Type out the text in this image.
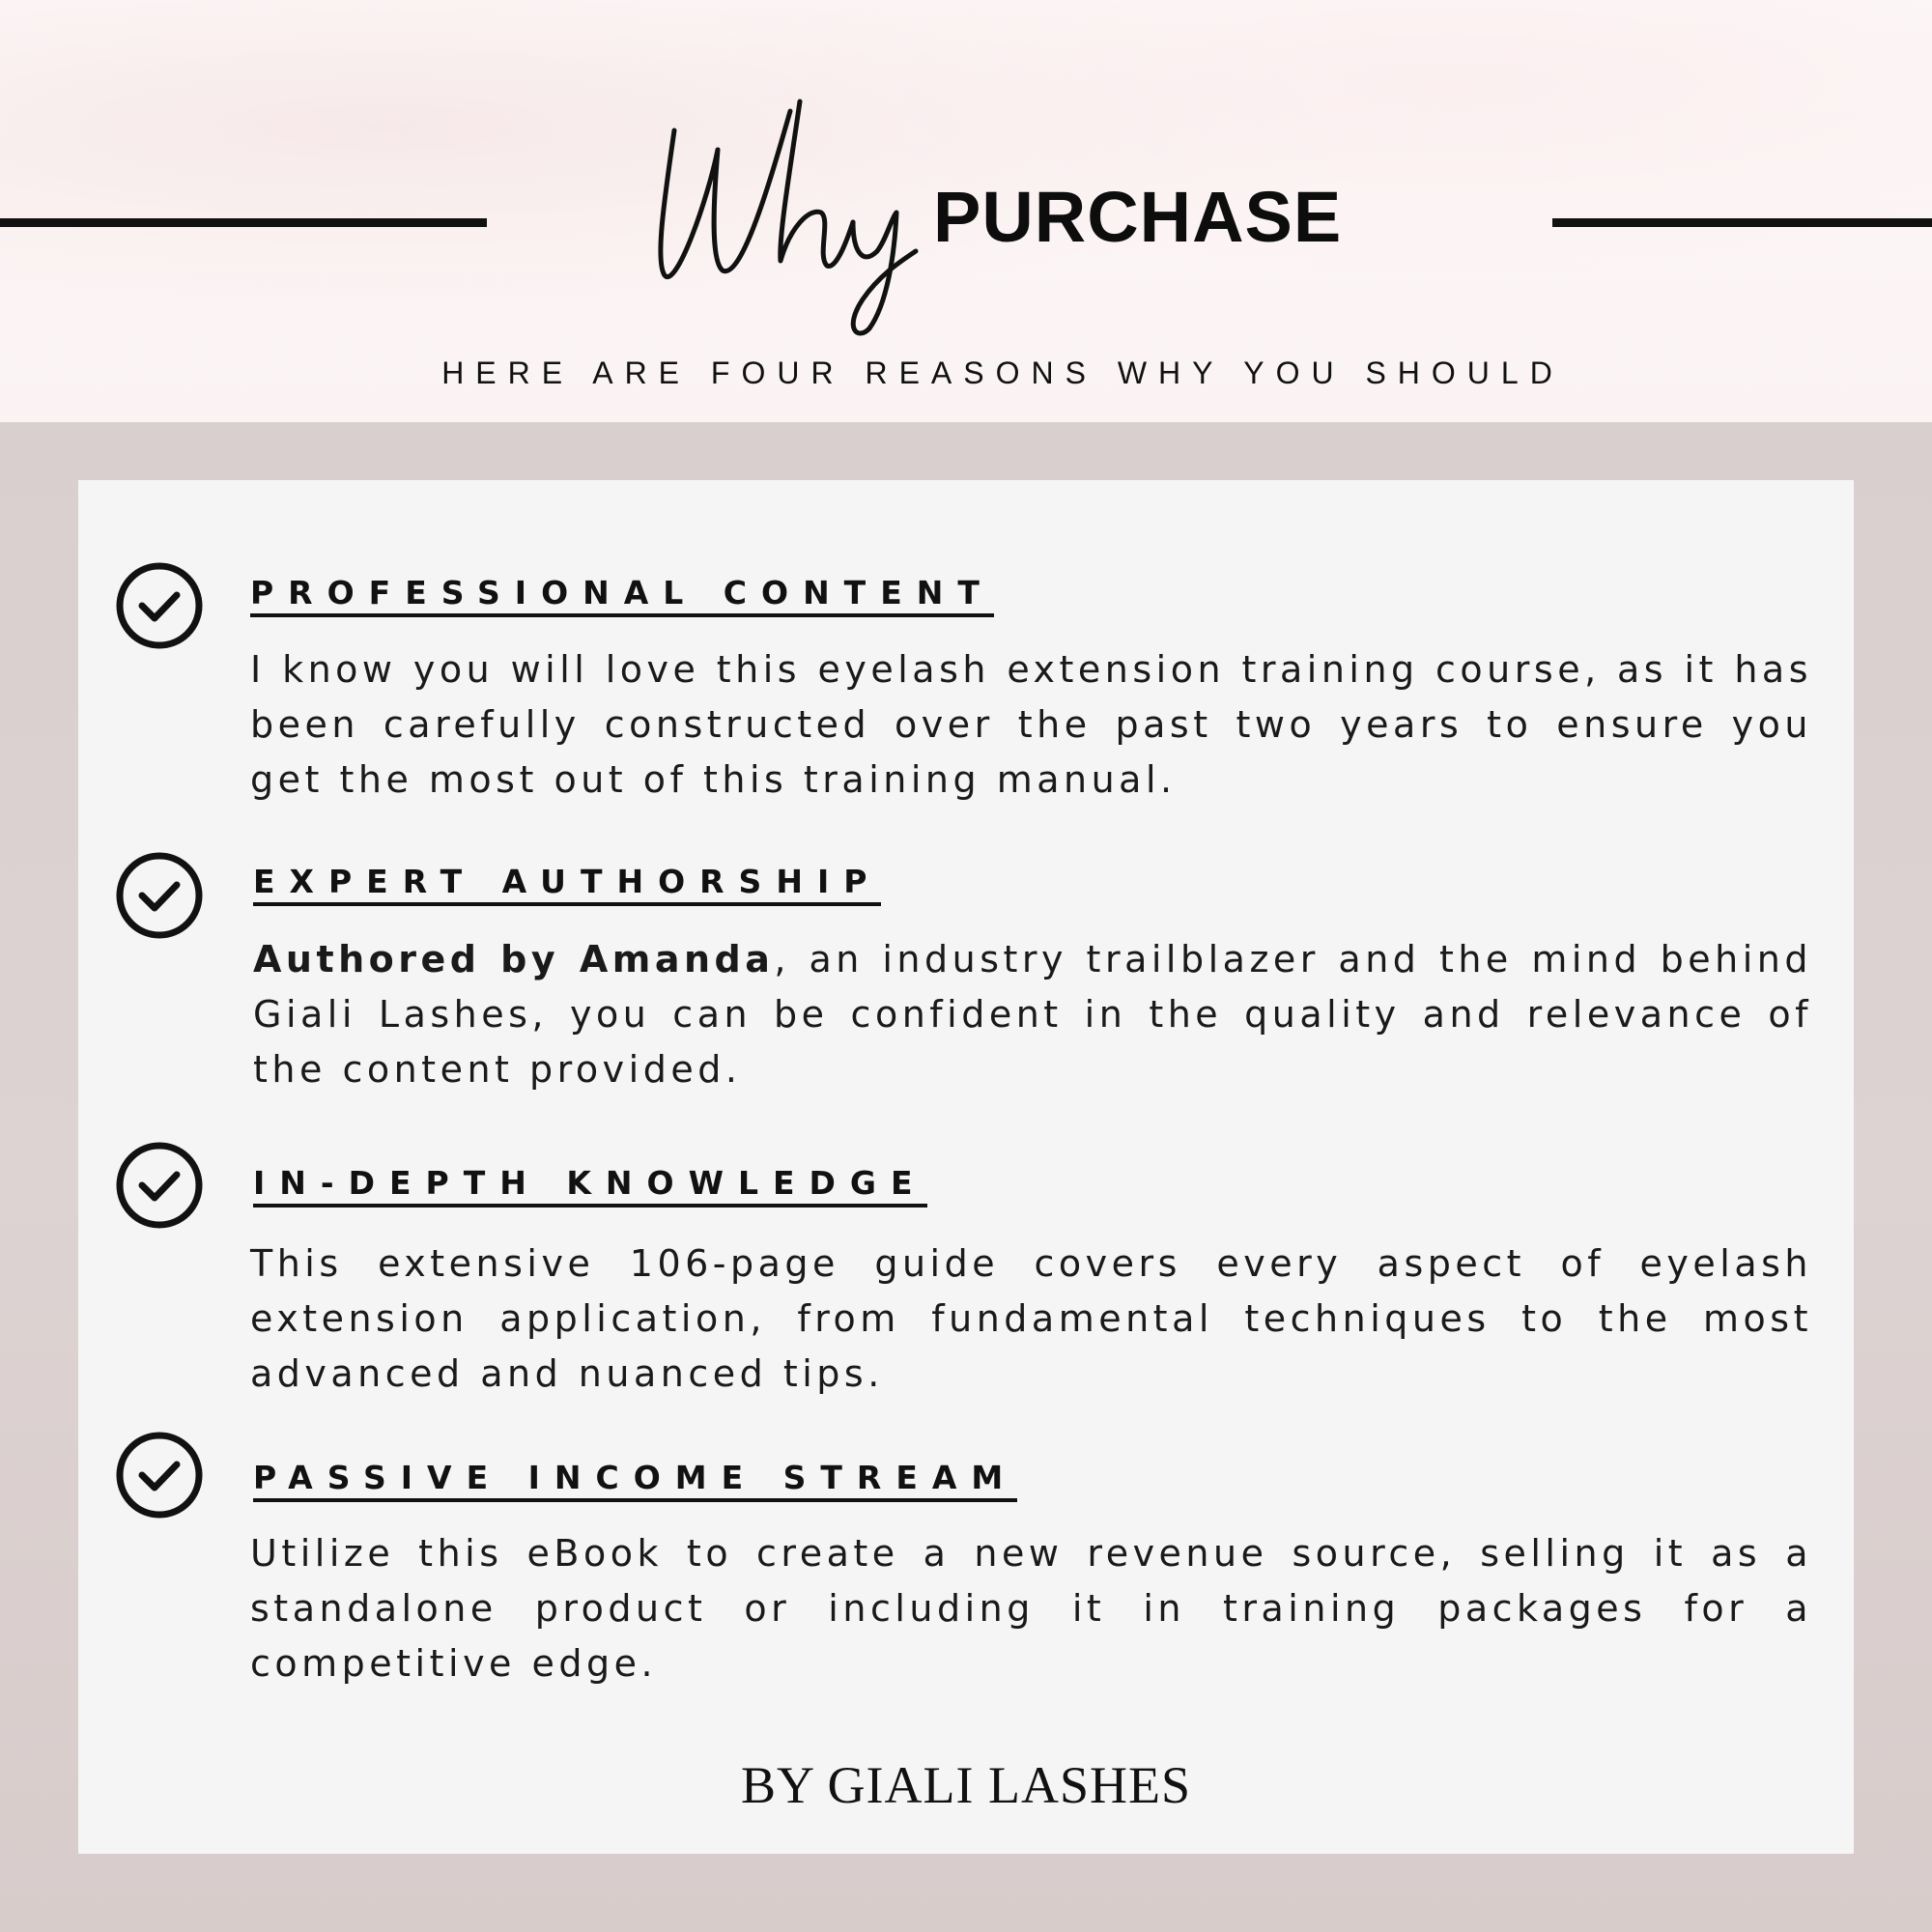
Why
PURCHASE
HERE ARE FOUR REASONS WHY YOU SHOULD
PROFESSIONAL CONTENT
I know you will love this eyelash extension training course, as it has been carefully constructed over the past two years to ensure you get the most out of this training manual.
EXPERT AUTHORSHIP
Authored by Amanda, an industry trailblazer and the mind behind Giali Lashes, you can be confident in the quality and relevance of the content provided.
IN-DEPTH KNOWLEDGE
This extensive 106-page guide covers every aspect of eyelash extension application, from fundamental techniques to the most advanced and nuanced tips.
PASSIVE INCOME STREAM
Utilize this eBook to create a new revenue source, selling it as a standalone product or including it in training packages for a competitive edge.
BY GIALI LASHES
